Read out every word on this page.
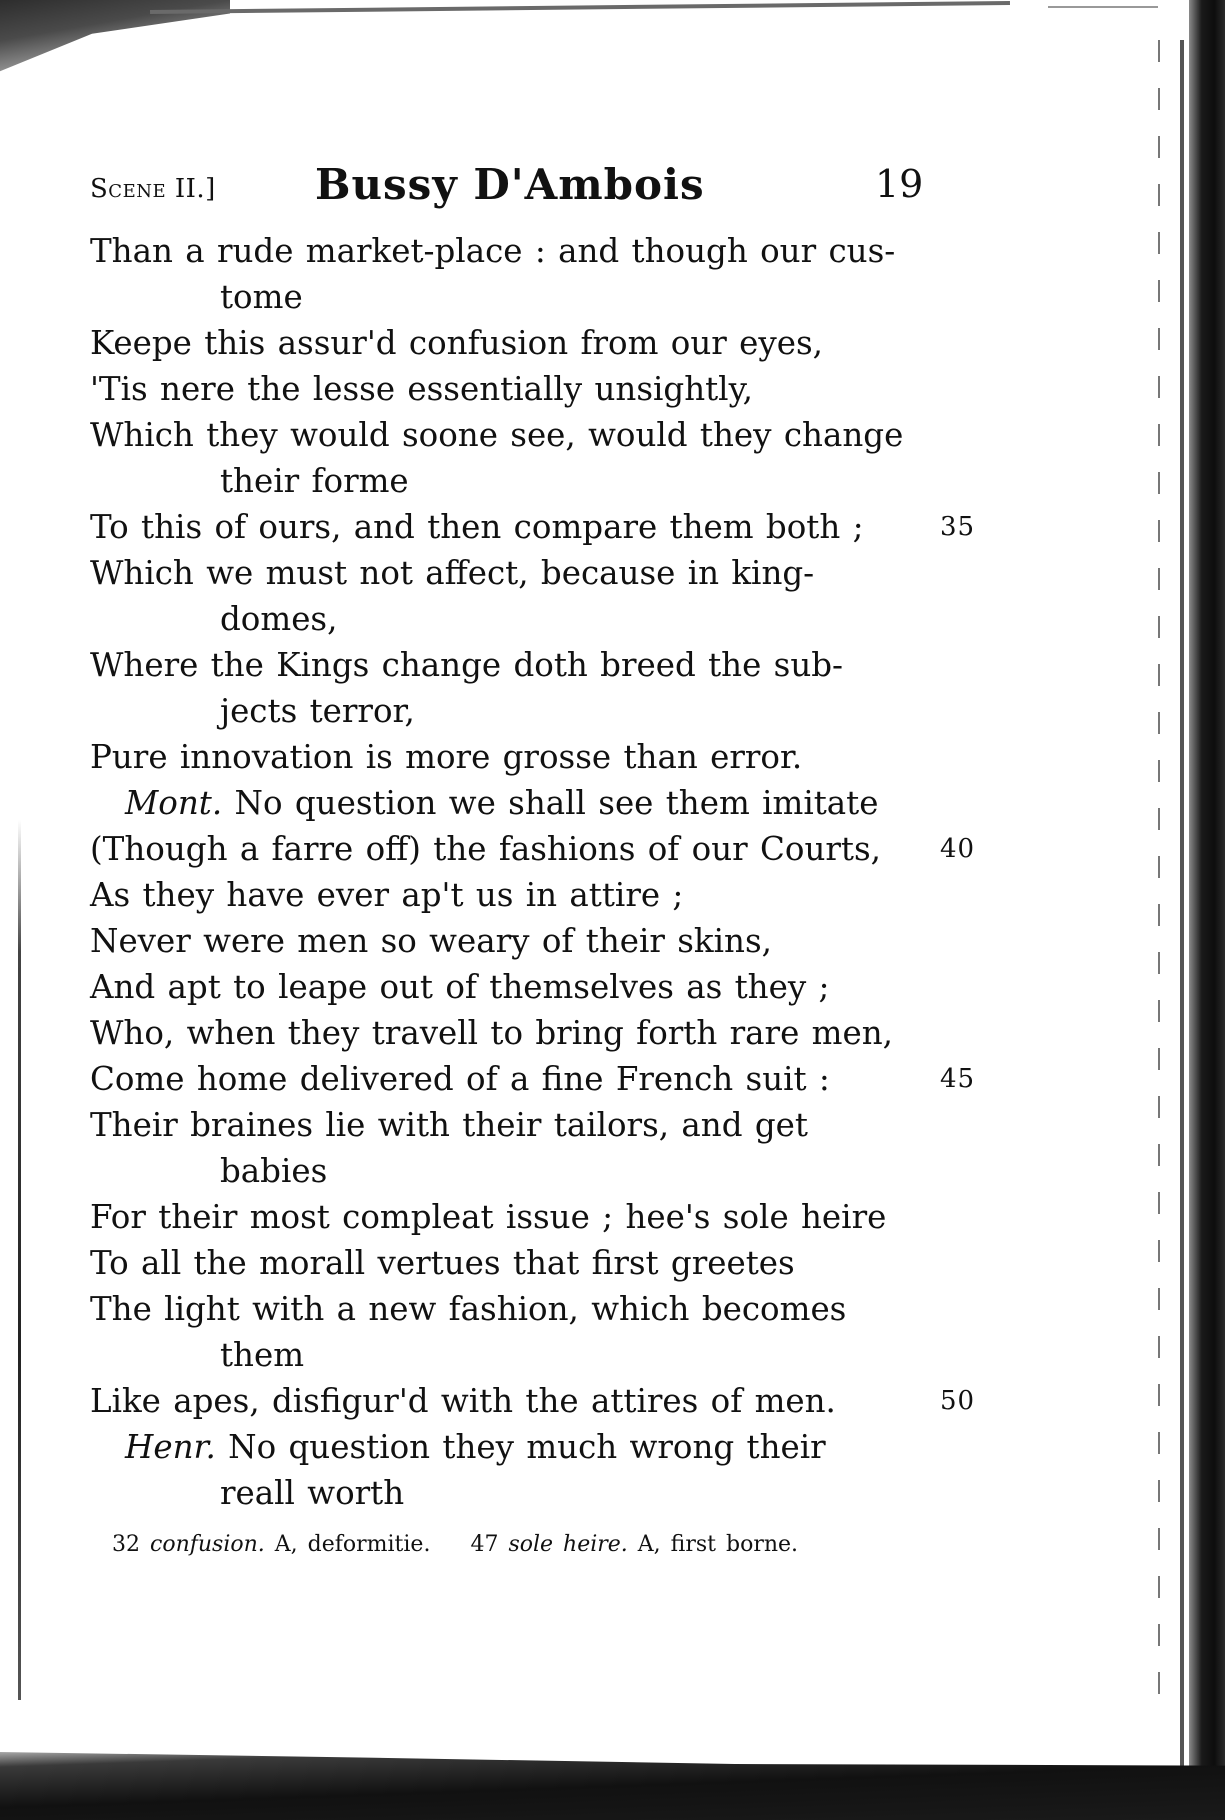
Scene II.] Bussy D'Ambois	19
Than a rude market-place : and though our cus-
tome
Keepe this assur'd confusion from our eyes,
'Tis nere the lesse essentially unsightly,
Which they would soone see, would they change
their forme
To this of ours, and then compare them both ;	35
Which we must not affect, because in king-
domes,
Where the Kings change doth breed the sub-
jects terror,
Pure innovation is more grosse than error.
Mont. No question we shall see them imitate
(Though a farre off) the fashions of our Courts, 40
As they have ever ap't us in attire ;
Never were men so weary of their skins,
And apt to leape out of themselves as they ;
Who, when they travell to bring forth rare men,
Come home delivered of a fine French suit :	45
Their braines lie with their tailors, and get
babies
For their most compleat issue ; hee's sole heire
To all the morall vertues that first greetes
The light with a new fashion, which becomes
them
Like apes, disfigur'd with the attires of men.	50
Henr. No question they much wrong their
reall worth
32 confusion. A, deformitie. 47 sole heire. A, first borne.
